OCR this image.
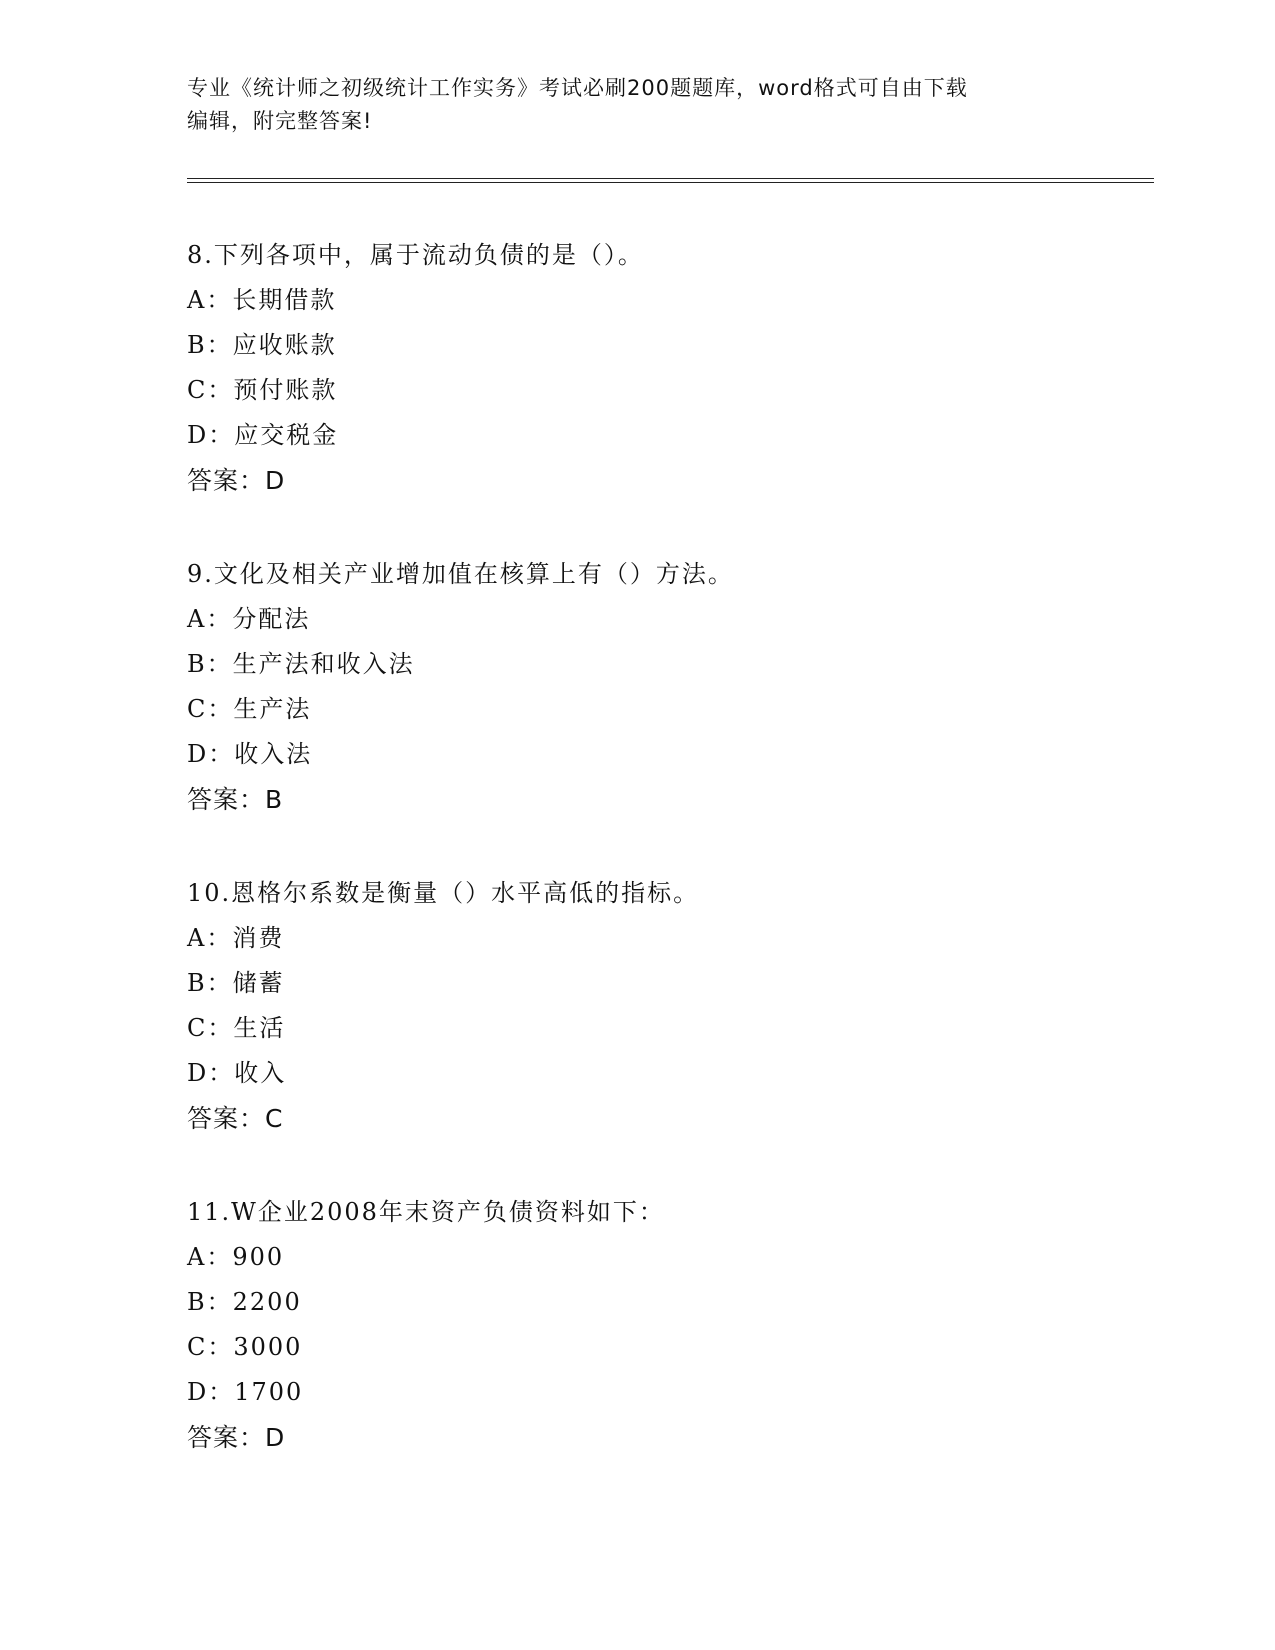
专业《统计师之初级统计工作实务》考试必刷200题题库，word格式可自由下载
编辑，附完整答案!
8.下列各项中，属于流动负债的是（）。
A：长期借款
B：应收账款
C：预付账款
D：应交税金
答案：D
9.文化及相关产业增加值在核算上有（）方法。
A：分配法
B：生产法和收入法
C：生产法
D：收入法
答案：B
10.恩格尔系数是衡量（）水平高低的指标。
A：消费
B：储蓄
C：生活
D：收入
答案：C
11.W企业2008年末资产负债资料如下：
A：900
B：2200
C：3000
D：1700
答案：D
